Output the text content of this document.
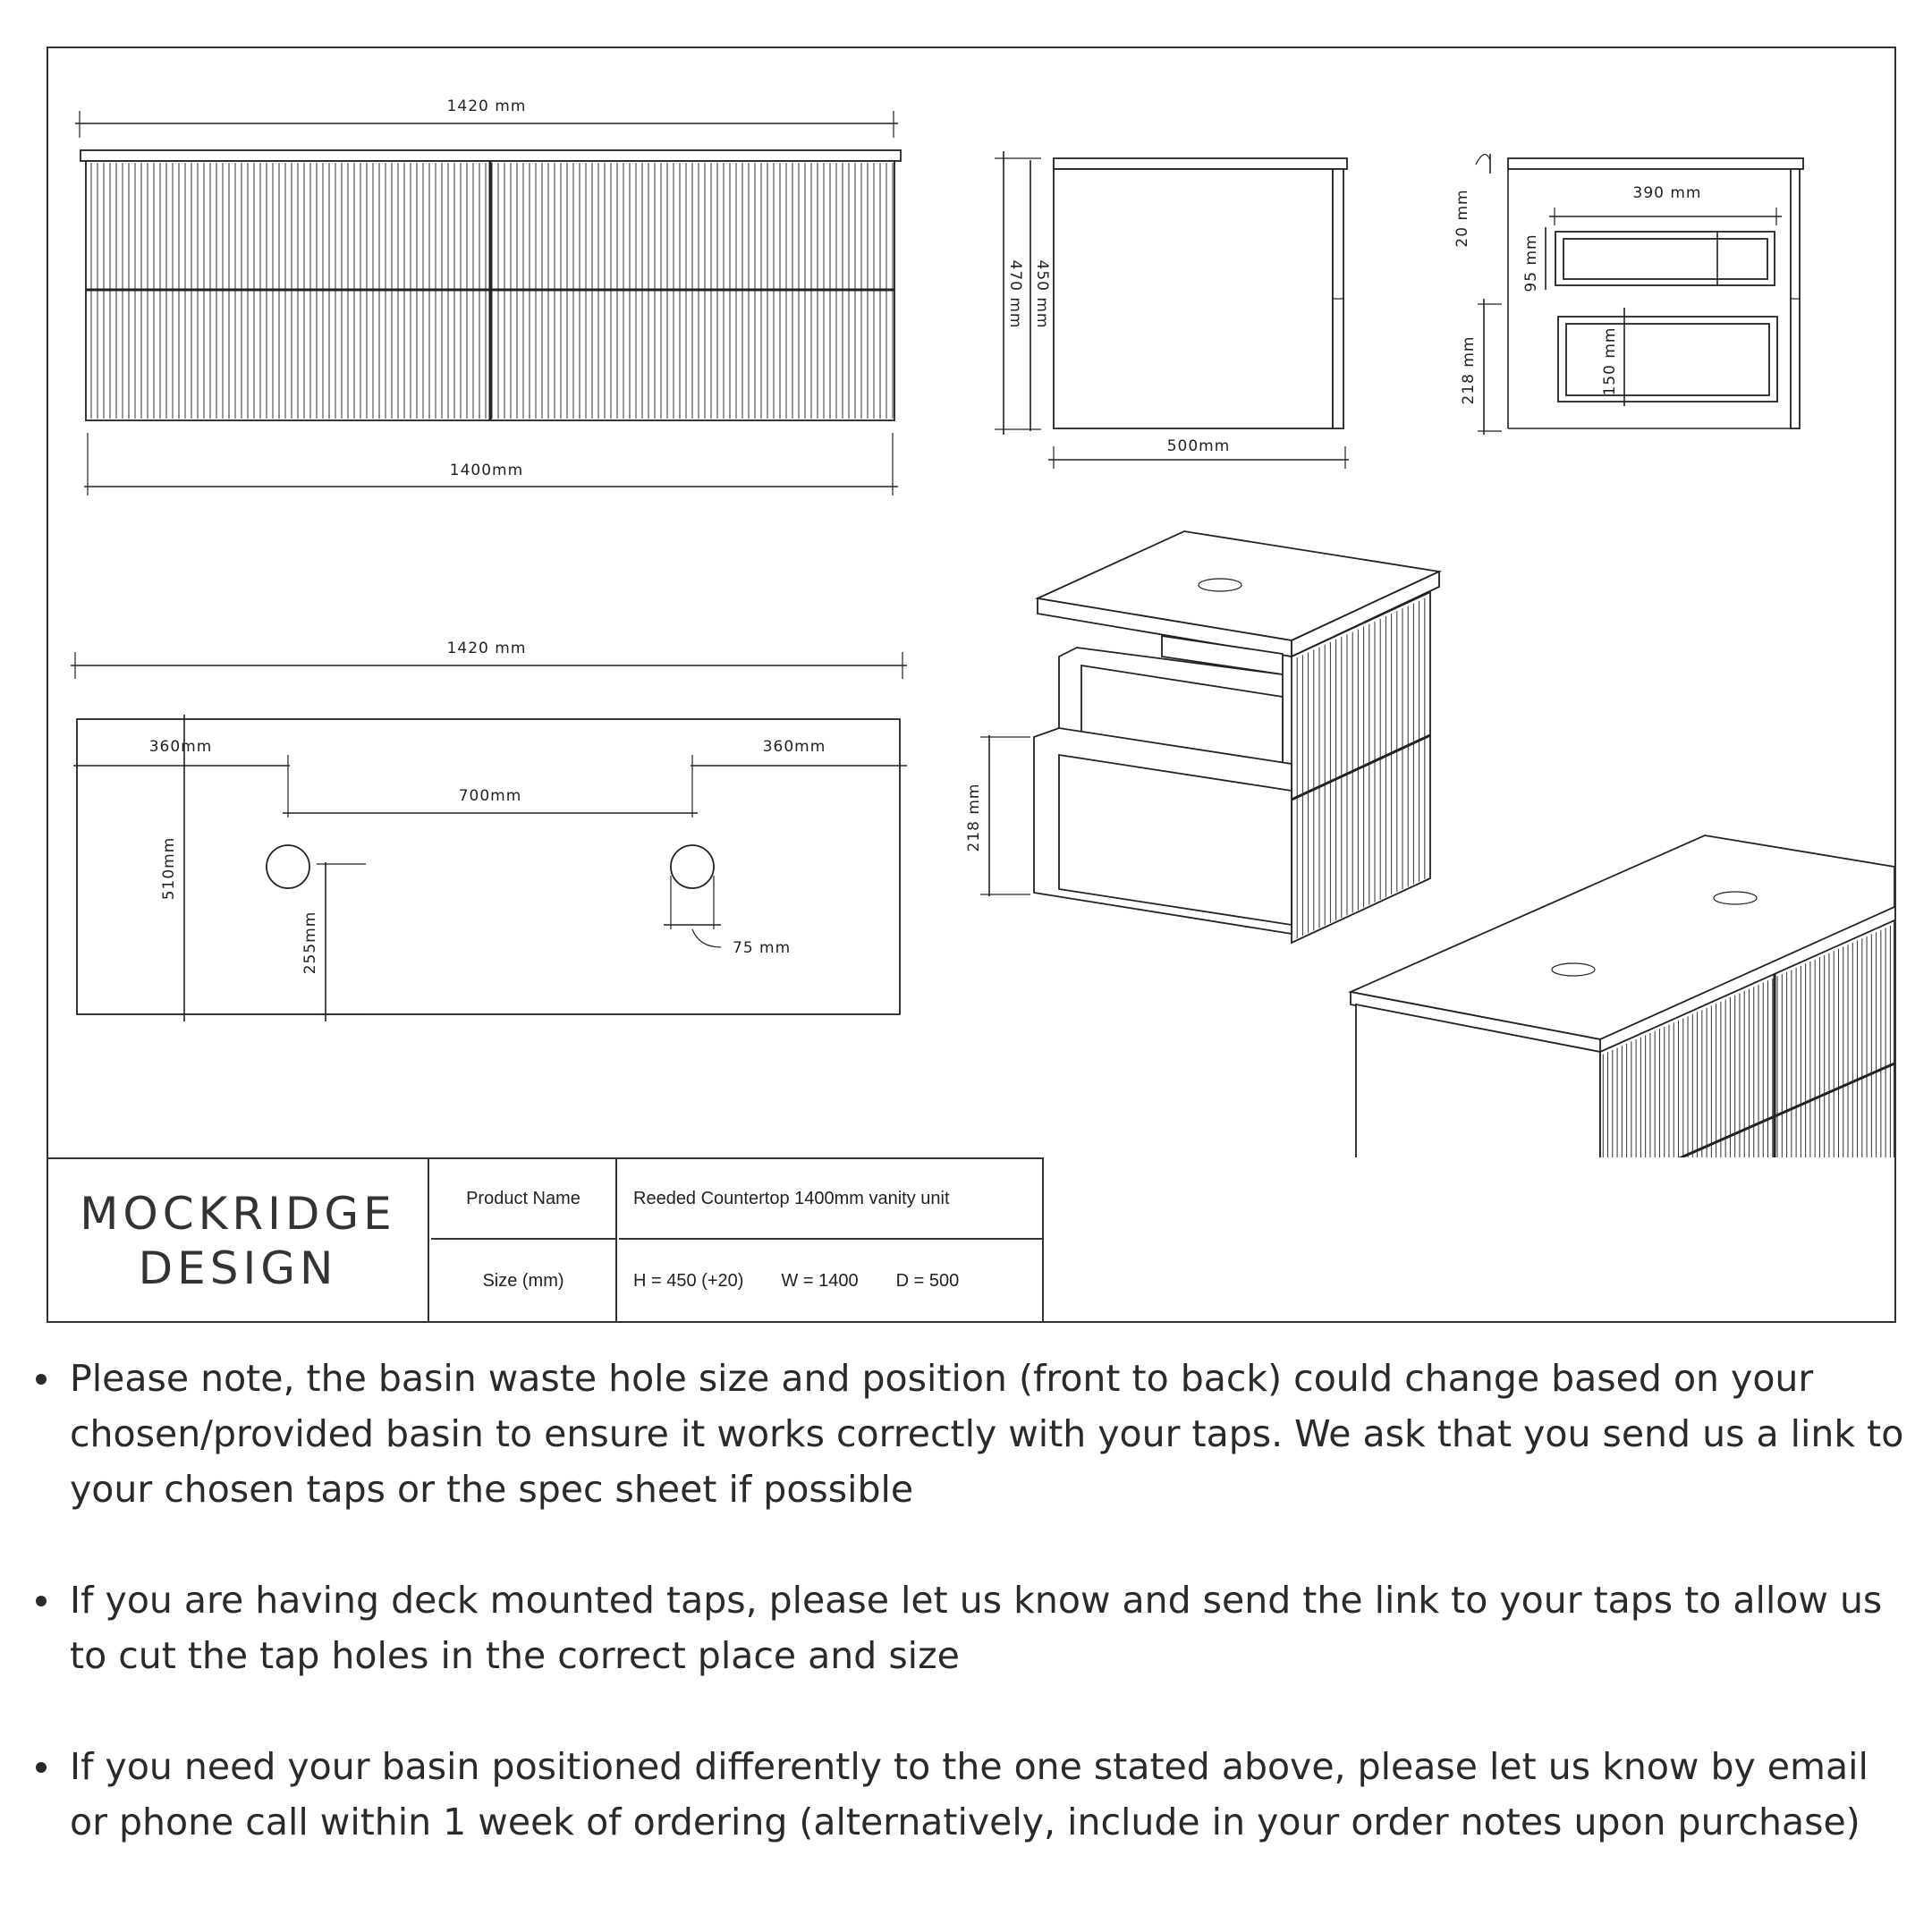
1420 mm
1400mm
470 mm 450 mm
500mm
390 mm
20 mm
95 mm
218 mm	150 mm
1420 mm
360mm	360mm
700mm
510mm
255mm	75 mm
218 mm
MOCKRIDGE
DESIGN
Product Name	Reeded Countertop 1400mm vanity unit
Size (mm)	H = 450 (+20) W = 1400 D = 500
Please note, the basin waste hole size and position (front to back) could change based on your chosen/provided basin to ensure it works correctly with your taps. We ask that you send us a link to your chosen taps or the spec sheet if possible
If you are having deck mounted taps, please let us know and send the link to your taps to allow us to cut the tap holes in the correct place and size
If you need your basin positioned differently to the one stated above, please let us know by email or phone call within 1 week of ordering (alternatively, include in your order notes upon purchase)
